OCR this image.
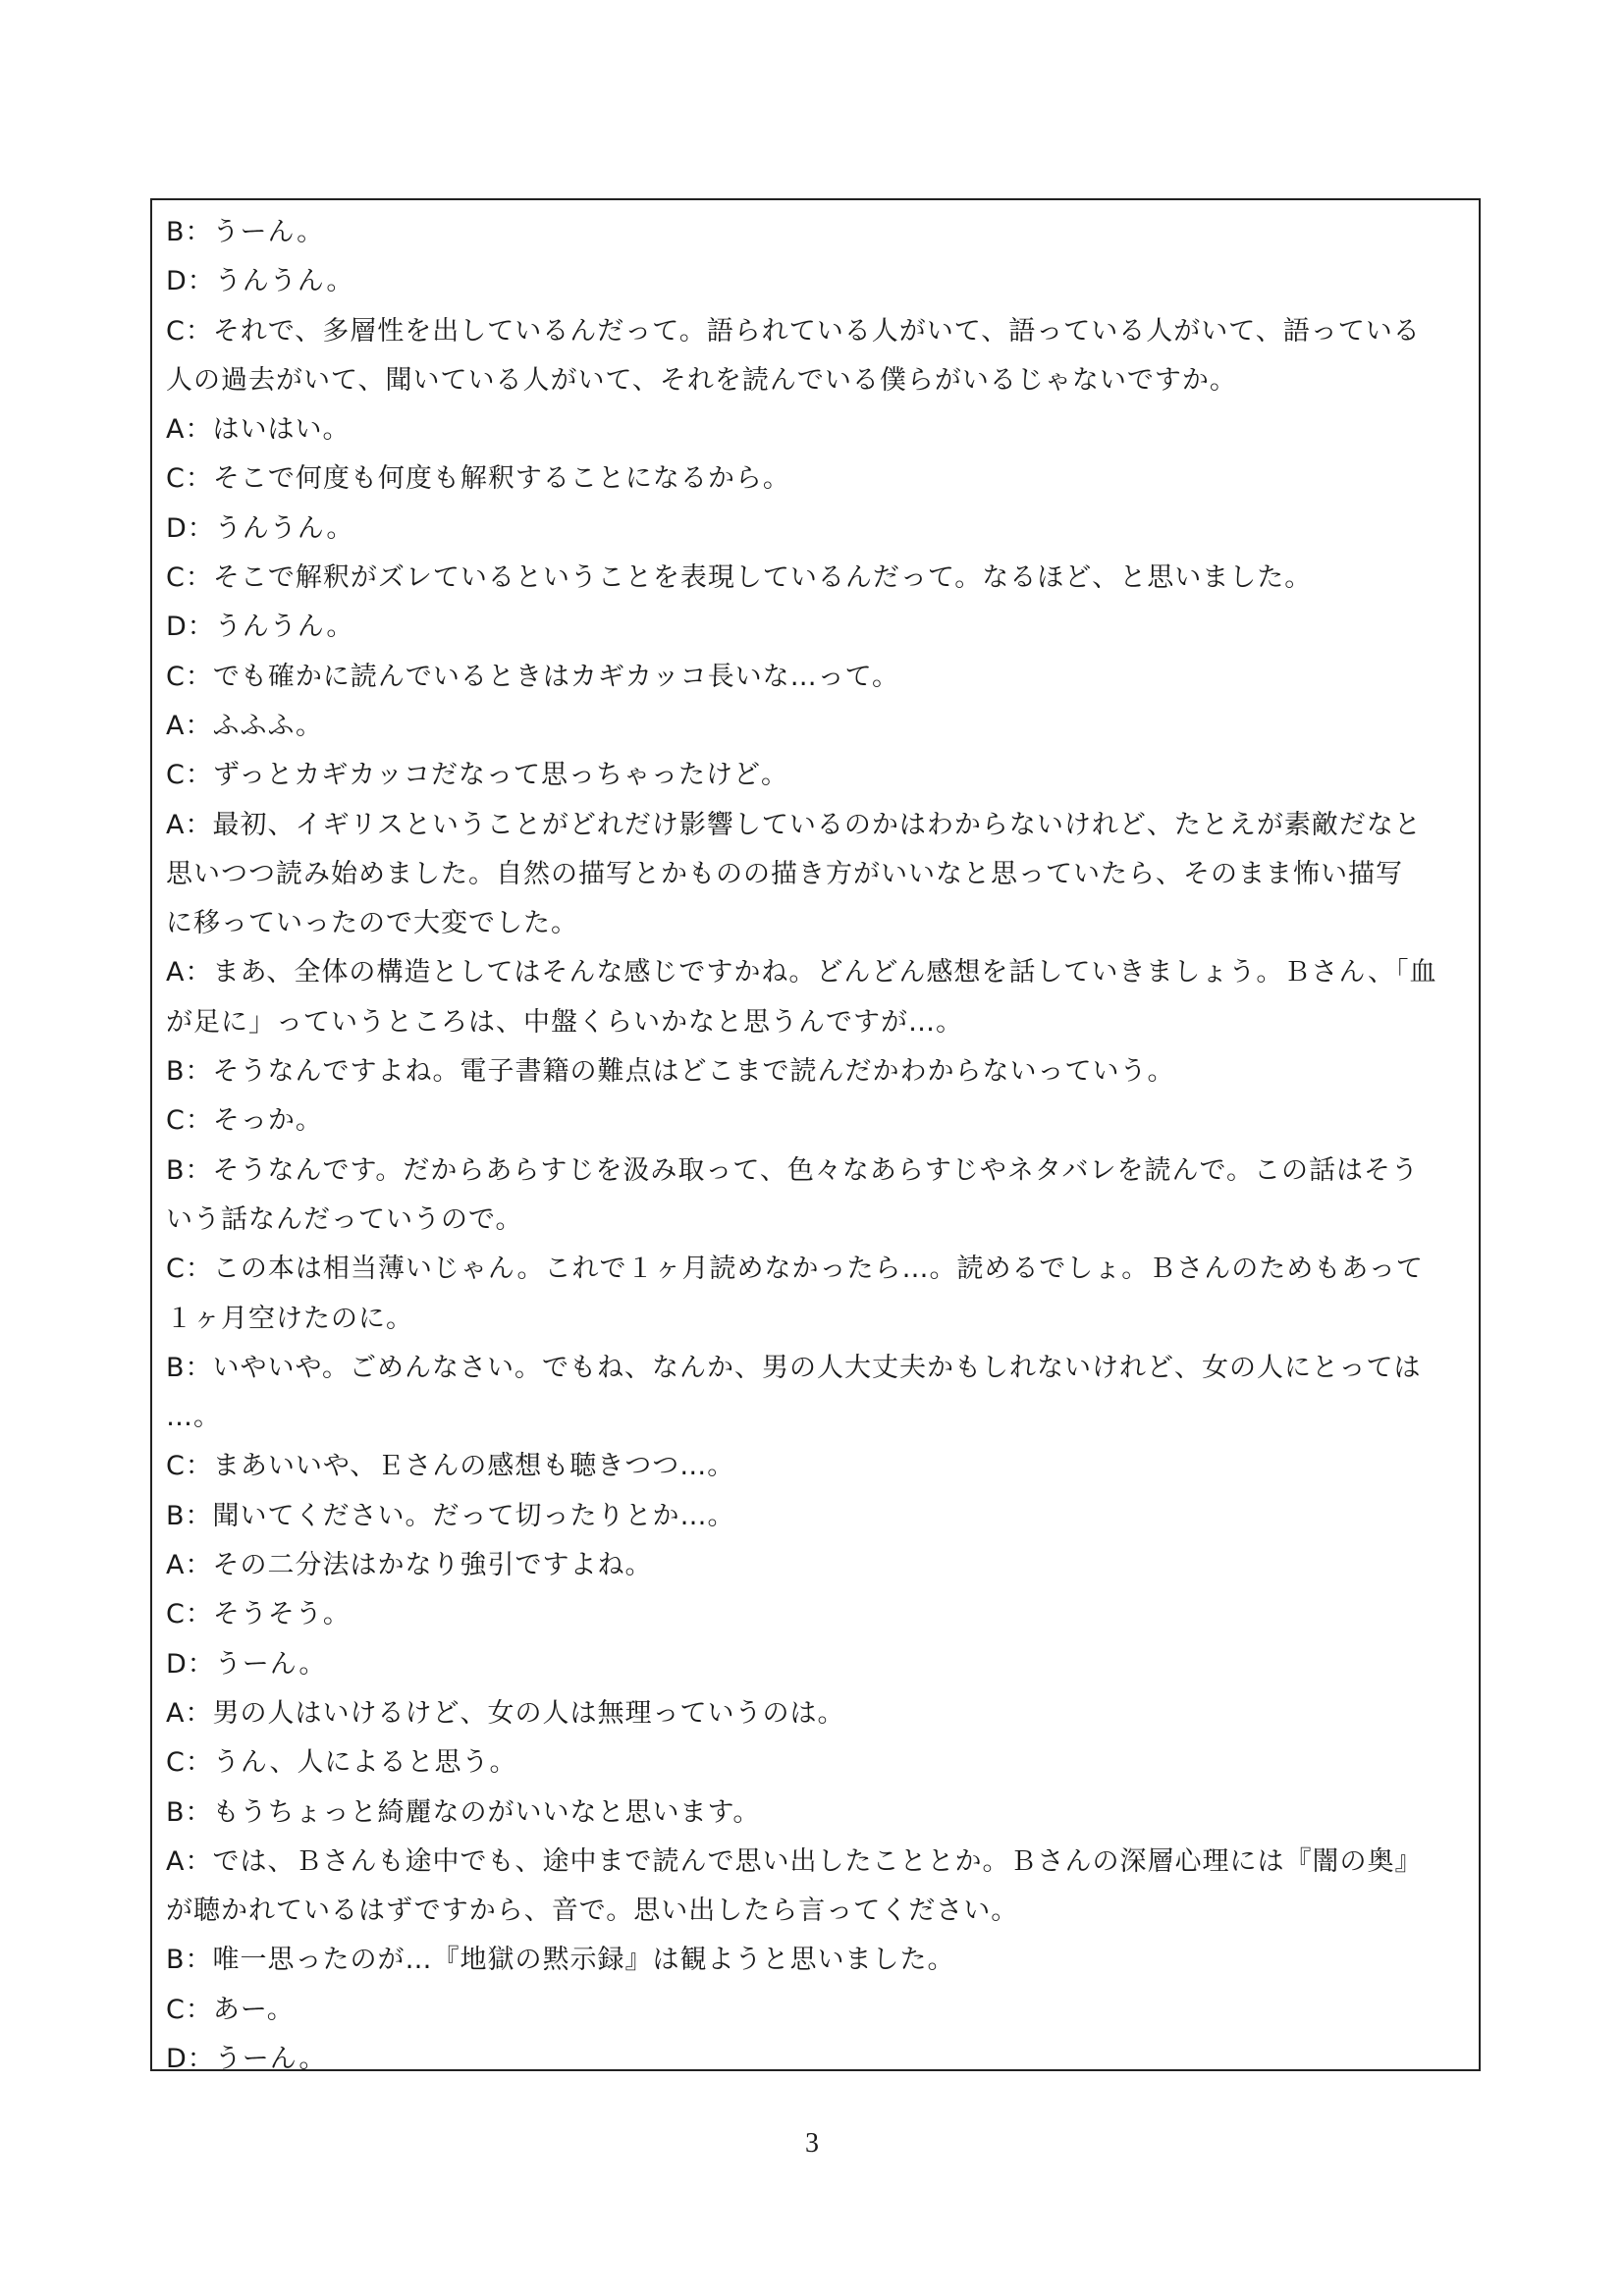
B：うーん。
D：うんうん。
C：それで、多層性を出しているんだって。語られている人がいて、語っている人がいて、語っている
人の過去がいて、聞いている人がいて、それを読んでいる僕らがいるじゃないですか。
A：はいはい。
C：そこで何度も何度も解釈することになるから。
D：うんうん。
C：そこで解釈がズレているということを表現しているんだって。なるほど、と思いました。
D：うんうん。
C：でも確かに読んでいるときはカギカッコ長いな…って。
A：ふふふ。
C：ずっとカギカッコだなって思っちゃったけど。
A：最初、イギリスということがどれだけ影響しているのかはわからないけれど、たとえが素敵だなと
思いつつ読み始めました。自然の描写とかものの描き方がいいなと思っていたら、そのまま怖い描写
に移っていったので大変でした。
A：まあ、全体の構造としてはそんな感じですかね。どんどん感想を話していきましょう。Ｂさん、「血
が足に」っていうところは、中盤くらいかなと思うんですが…。
B：そうなんですよね。電子書籍の難点はどこまで読んだかわからないっていう。
C：そっか。
B：そうなんです。だからあらすじを汲み取って、色々なあらすじやネタバレを読んで。この話はそう
いう話なんだっていうので。
C：この本は相当薄いじゃん。これで１ヶ月読めなかったら…。読めるでしょ。Ｂさんのためもあって
１ヶ月空けたのに。
B：いやいや。ごめんなさい。でもね、なんか、男の人大丈夫かもしれないけれど、女の人にとっては
…。
C：まあいいや、Ｅさんの感想も聴きつつ…。
B：聞いてください。だって切ったりとか…。
A：その二分法はかなり強引ですよね。
C：そうそう。
D：うーん。
A：男の人はいけるけど、女の人は無理っていうのは。
C：うん、人によると思う。
B：もうちょっと綺麗なのがいいなと思います。
A：では、Ｂさんも途中でも、途中まで読んで思い出したこととか。Ｂさんの深層心理には『闇の奥』
が聴かれているはずですから、音で。思い出したら言ってください。
B：唯一思ったのが…『地獄の黙示録』は観ようと思いました。
C：あー。
D：うーん。
3
